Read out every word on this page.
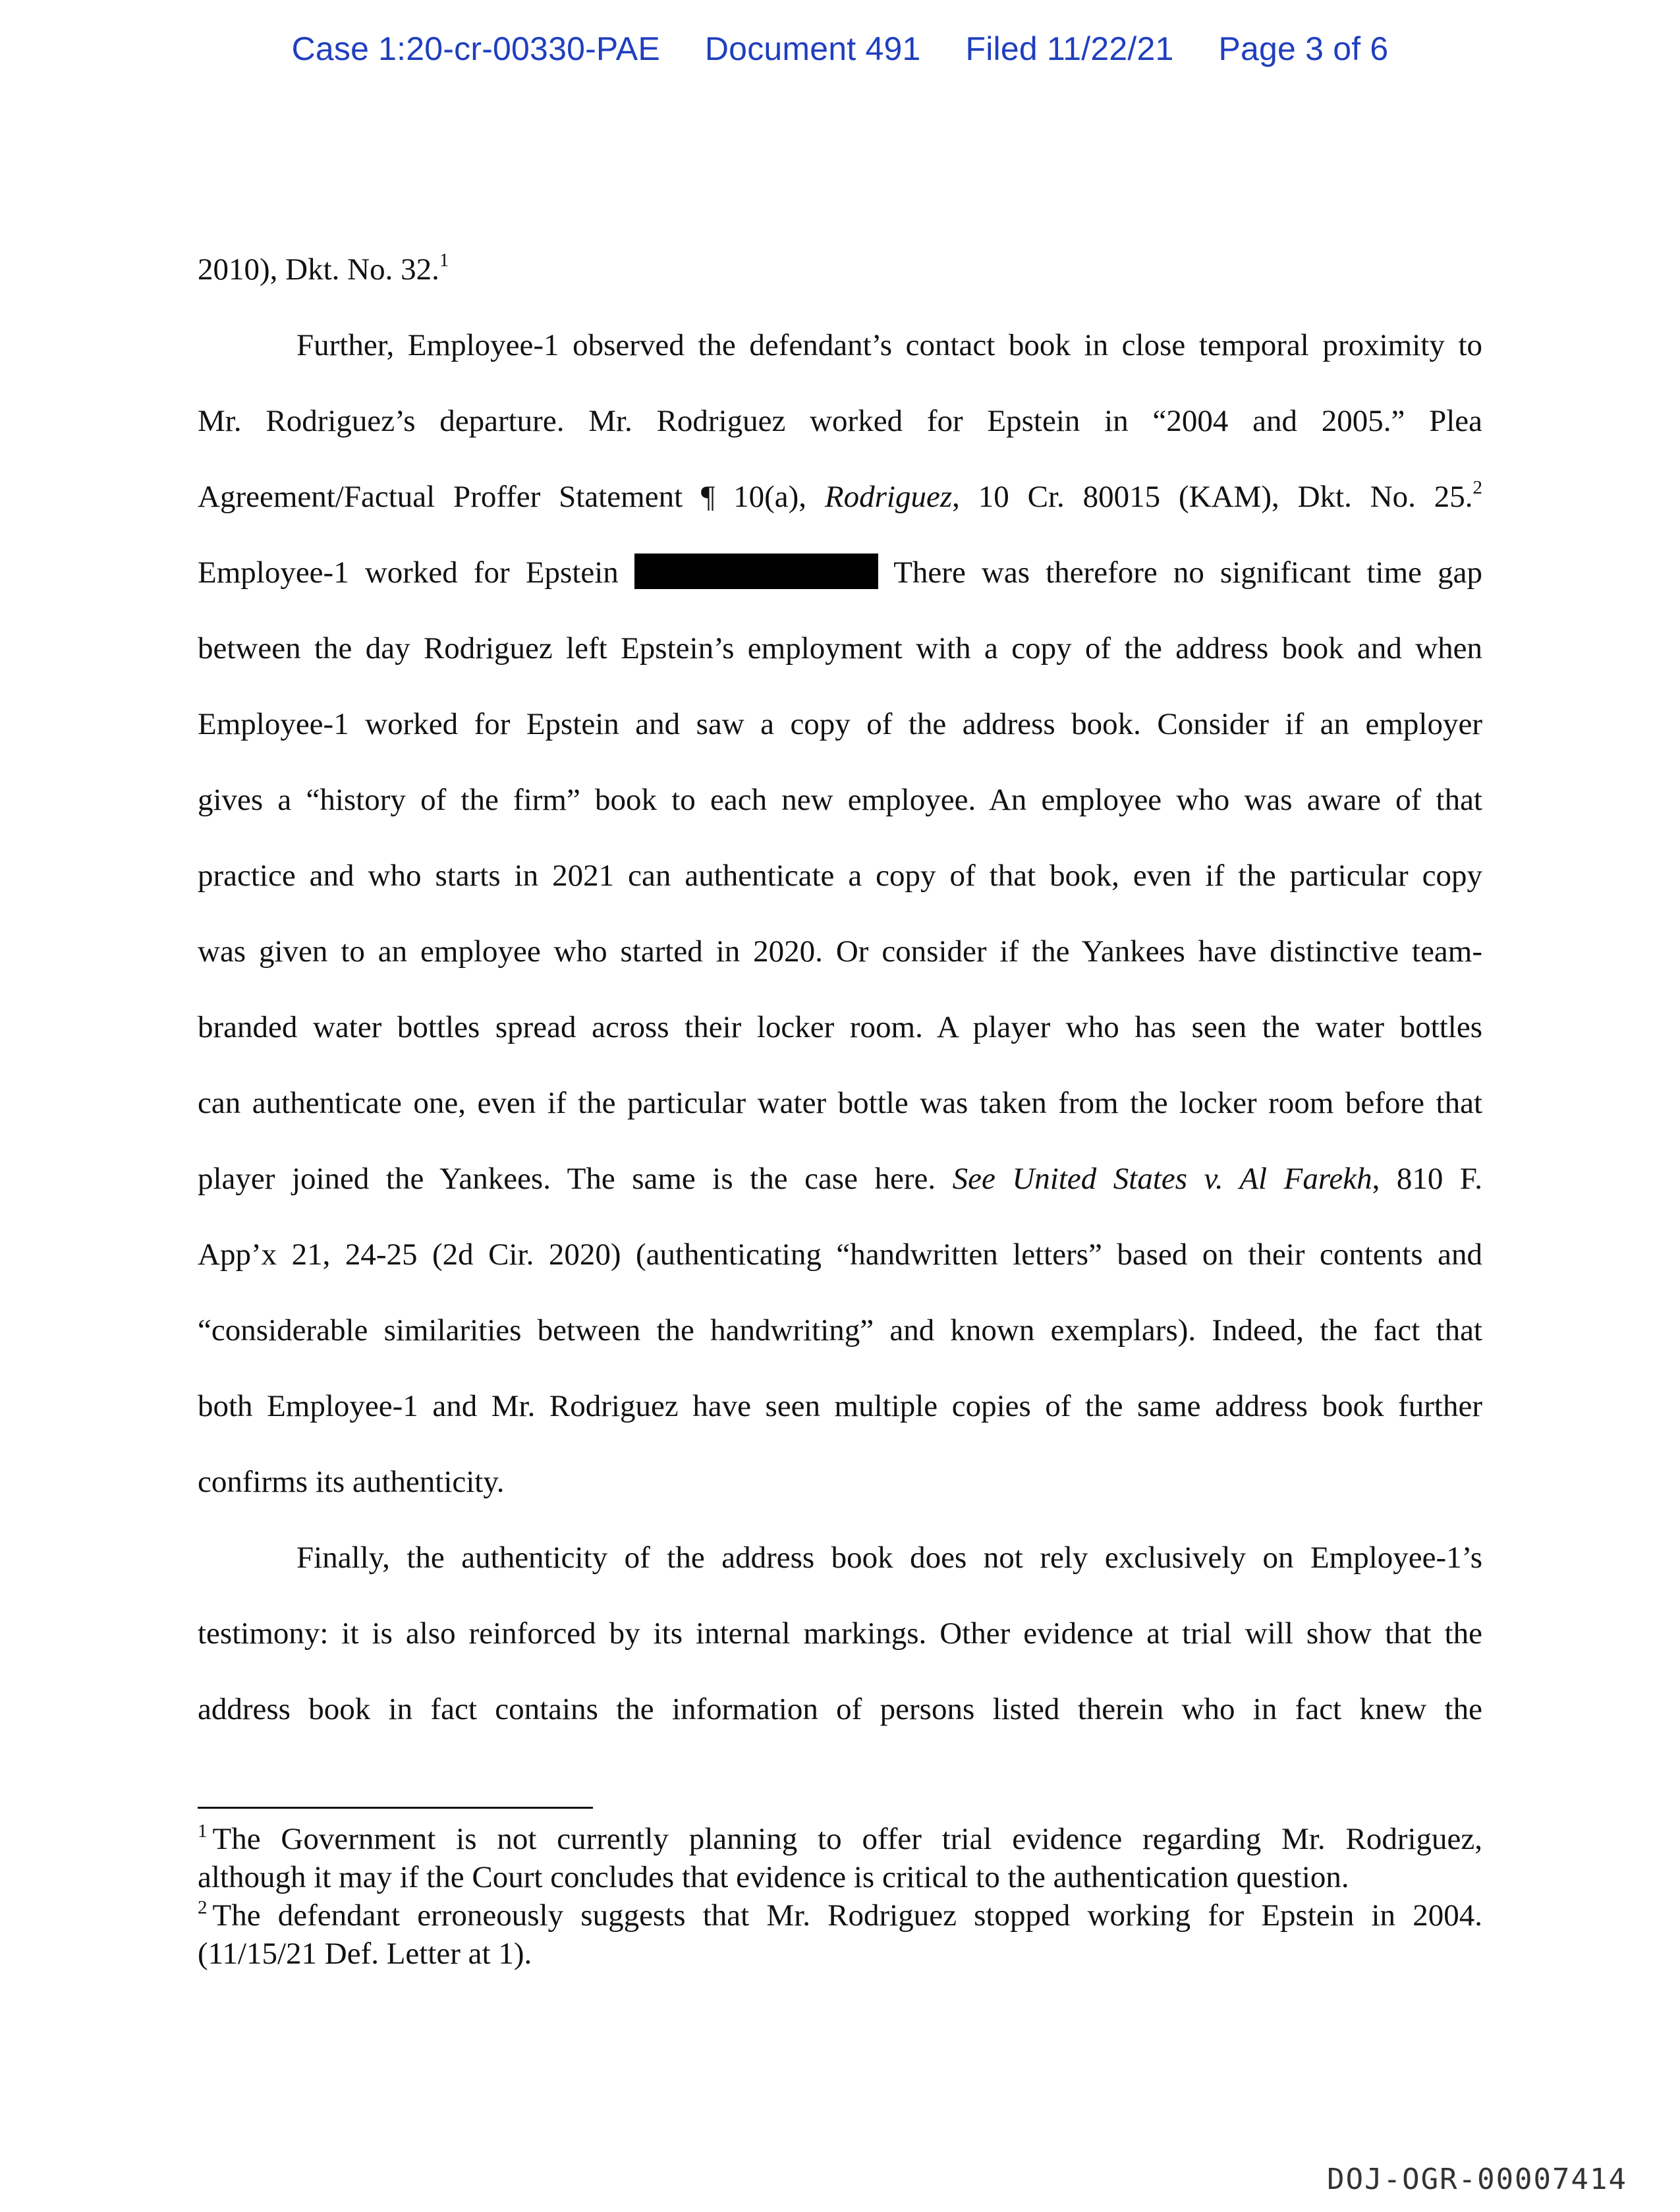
Case 1:20-cr-00330-PAE Document 491 Filed 11/22/21 Page 3 of 6
2010), Dkt. No. 32.$^1$
Further, Employee-1 observed the defendant’s contact book in close temporal proximity to
Mr. Rodriguez’s departure. Mr. Rodriguez worked for Epstein in “2004 and 2005.” Plea
Agreement/Factual Proffer Statement ¶ 10(a), Rodriguez, 10 Cr. 80015 (KAM), Dkt. No. 25.$^2$
Employee-1 worked for Epstein	There was therefore no significant time gap
between the day Rodriguez left Epstein’s employment with a copy of the address book and when
Employee-1 worked for Epstein and saw a copy of the address book. Consider if an employer
gives a “history of the firm” book to each new employee. An employee who was aware of that
practice and who starts in 2021 can authenticate a copy of that book, even if the particular copy
was given to an employee who started in 2020. Or consider if the Yankees have distinctive team-
branded water bottles spread across their locker room. A player who has seen the water bottles
can authenticate one, even if the particular water bottle was taken from the locker room before that
player joined the Yankees. The same is the case here. See United States v. Al Farekh, 810 F.
App’x 21, 24-25 (2d Cir. 2020) (authenticating “handwritten letters” based on their contents and
“considerable similarities between the handwriting” and known exemplars). Indeed, the fact that
both Employee-1 and Mr. Rodriguez have seen multiple copies of the same address book further
confirms its authenticity.
Finally, the authenticity of the address book does not rely exclusively on Employee-1’s
testimony: it is also reinforced by its internal markings. Other evidence at trial will show that the
address book in fact contains the information of persons listed therein who in fact knew the
$^1$ The Government is not currently planning to offer trial evidence regarding Mr. Rodriguez,
although it may if the Court concludes that evidence is critical to the authentication question.
$^2$ The defendant erroneously suggests that Mr. Rodriguez stopped working for Epstein in 2004.
(11/15/21 Def. Letter at 1).
DOJ-OGR-00007414
